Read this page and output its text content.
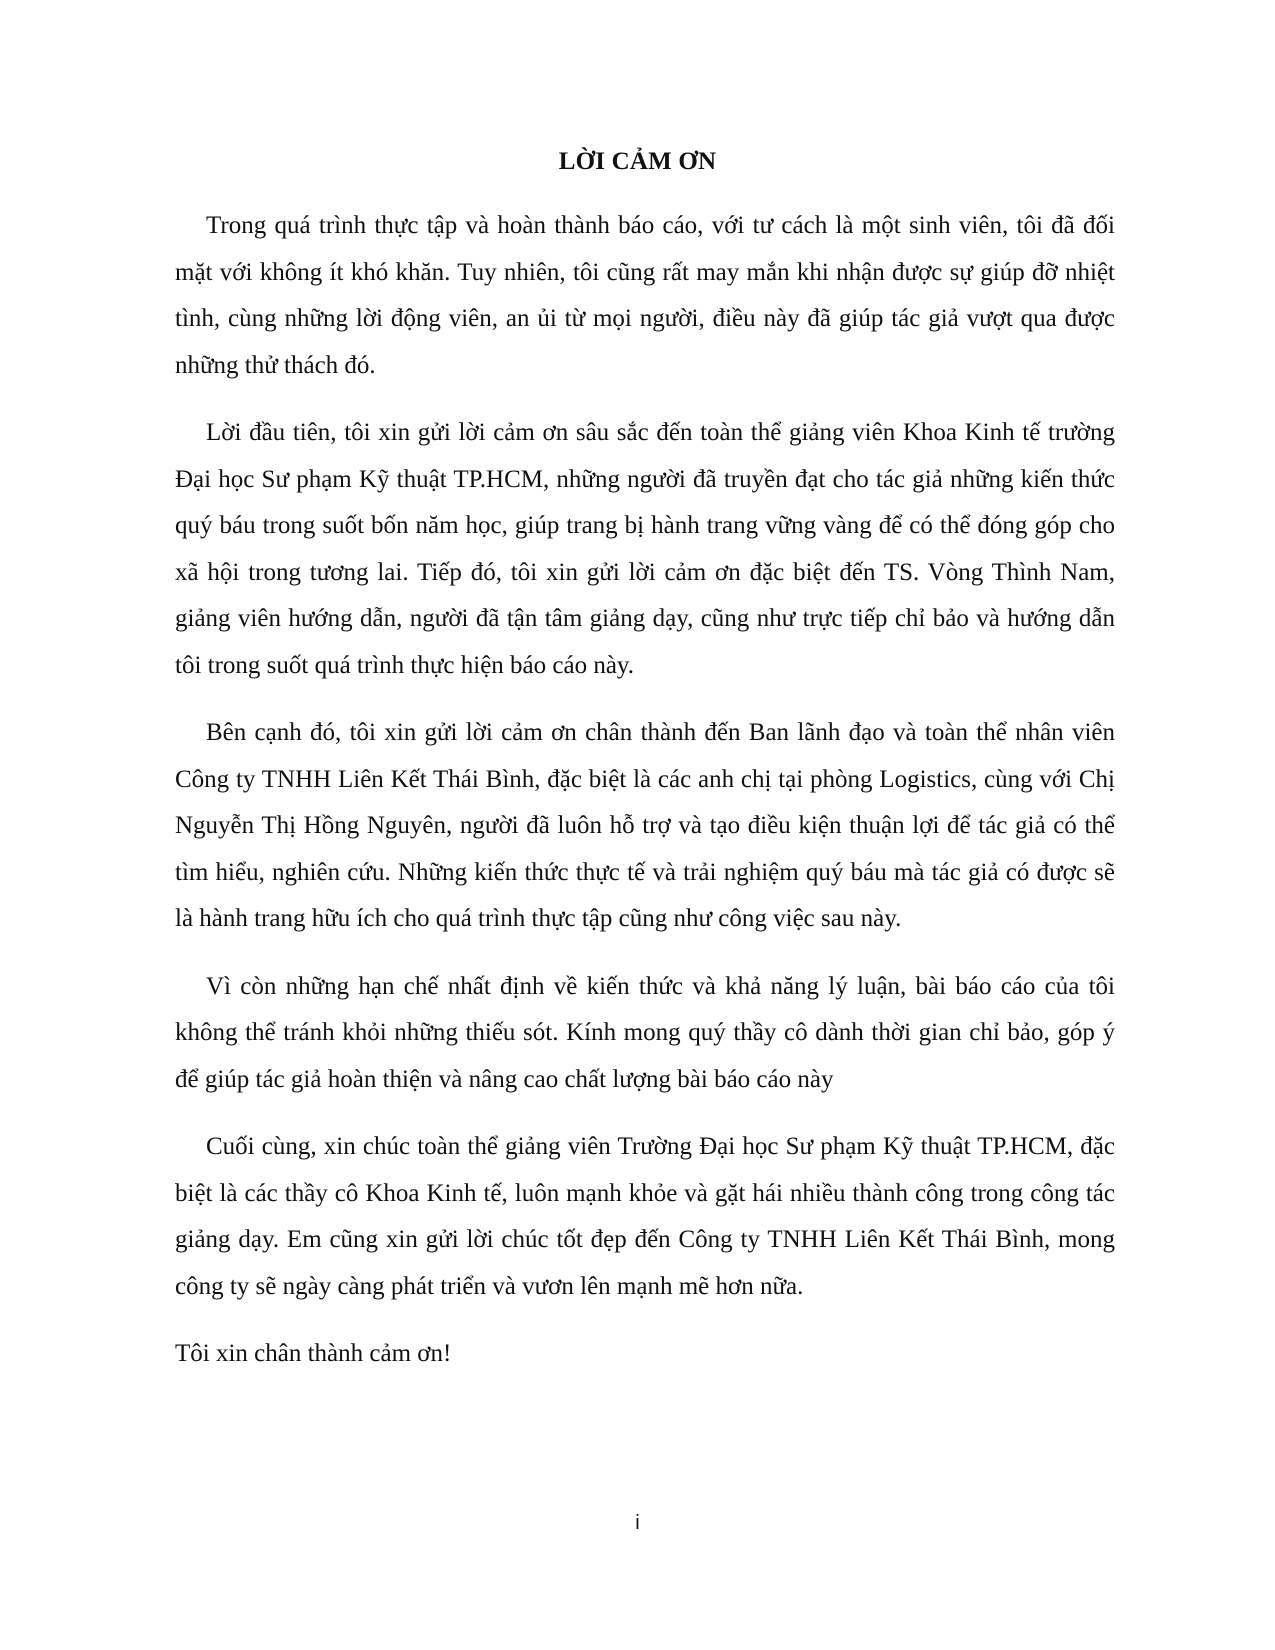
LỜI CẢM ƠN

Trong quá trình thực tập và hoàn thành báo cáo, với tư cách là một sinh viên, tôi đã đối mặt với không ít khó khăn. Tuy nhiên, tôi cũng rất may mắn khi nhận được sự giúp đỡ nhiệt tình, cùng những lời động viên, an ủi từ mọi người, điều này đã giúp tác giả vượt qua được những thử thách đó.

Lời đầu tiên, tôi xin gửi lời cảm ơn sâu sắc đến toàn thể giảng viên Khoa Kinh tế trường Đại học Sư phạm Kỹ thuật TP.HCM, những người đã truyền đạt cho tác giả những kiến thức quý báu trong suốt bốn năm học, giúp trang bị hành trang vững vàng để có thể đóng góp cho xã hội trong tương lai. Tiếp đó, tôi xin gửi lời cảm ơn đặc biệt đến TS. Vòng Thình Nam, giảng viên hướng dẫn, người đã tận tâm giảng dạy, cũng như trực tiếp chỉ bảo và hướng dẫn tôi trong suốt quá trình thực hiện báo cáo này.

Bên cạnh đó, tôi xin gửi lời cảm ơn chân thành đến Ban lãnh đạo và toàn thể nhân viên Công ty TNHH Liên Kết Thái Bình, đặc biệt là các anh chị tại phòng Logistics, cùng với Chị Nguyễn Thị Hồng Nguyên, người đã luôn hỗ trợ và tạo điều kiện thuận lợi để tác giả có thể tìm hiểu, nghiên cứu. Những kiến thức thực tế và trải nghiệm quý báu mà tác giả có được sẽ là hành trang hữu ích cho quá trình thực tập cũng như công việc sau này.

Vì còn những hạn chế nhất định về kiến thức và khả năng lý luận, bài báo cáo của tôi không thể tránh khỏi những thiếu sót. Kính mong quý thầy cô dành thời gian chỉ bảo, góp ý để giúp tác giả hoàn thiện và nâng cao chất lượng bài báo cáo này

Cuối cùng, xin chúc toàn thể giảng viên Trường Đại học Sư phạm Kỹ thuật TP.HCM, đặc biệt là các thầy cô Khoa Kinh tế, luôn mạnh khỏe và gặt hái nhiều thành công trong công tác giảng dạy. Em cũng xin gửi lời chúc tốt đẹp đến Công ty TNHH Liên Kết Thái Bình, mong công ty sẽ ngày càng phát triển và vươn lên mạnh mẽ hơn nữa.

Tôi xin chân thành cảm ơn!

i
